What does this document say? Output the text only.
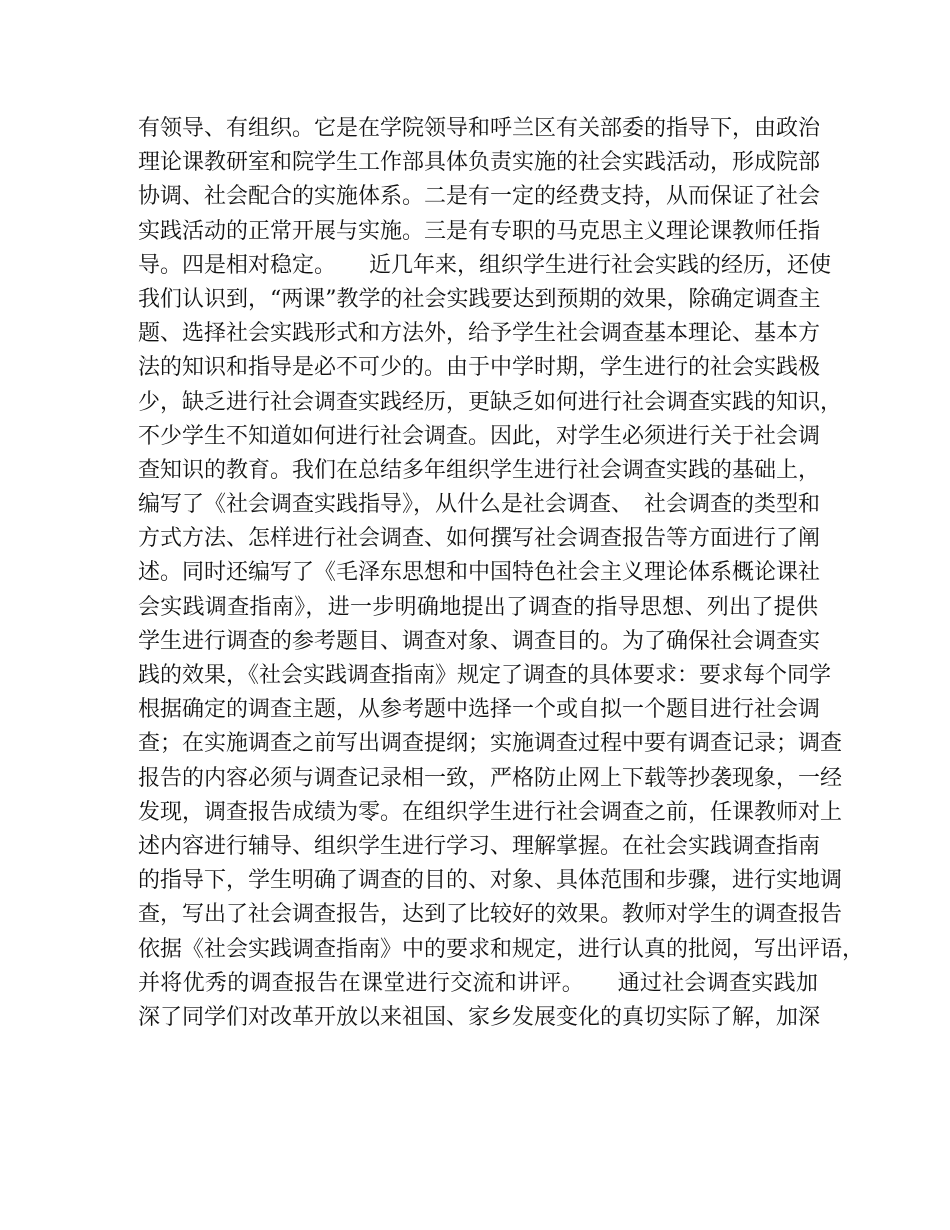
有领导、有组织。它是在学院领导和呼兰区有关部委的指导下，由政治
理论课教研室和院学生工作部具体负责实施的社会实践活动，形成院部
协调、社会配合的实施体系。二是有一定的经费支持，从而保证了社会
实践活动的正常开展与实施。三是有专职的马克思主义理论课教师任指
导。四是相对稳定。　　近几年来，组织学生进行社会实践的经历，还使
我们认识到，“两课”教学的社会实践要达到预期的效果，除确定调查主
题、选择社会实践形式和方法外，给予学生社会调查基本理论、基本方
法的知识和指导是必不可少的。由于中学时期，学生进行的社会实践极
少，缺乏进行社会调查实践经历，更缺乏如何进行社会调查实践的知识，
不少学生不知道如何进行社会调查。因此，对学生必须进行关于社会调
查知识的教育。我们在总结多年组织学生进行社会调查实践的基础上，
编写了《社会调查实践指导》，从什么是社会调查、　社会调查的类型和
方式方法、怎样进行社会调查、如何撰写社会调查报告等方面进行了阐
述。同时还编写了《毛泽东思想和中国特色社会主义理论体系概论课社
会实践调查指南》，进一步明确地提出了调查的指导思想、列出了提供
学生进行调查的参考题目、调查对象、调查目的。为了确保社会调查实
践的效果，《社会实践调查指南》规定了调查的具体要求：要求每个同学
根据确定的调查主题，从参考题中选择一个或自拟一个题目进行社会调
查；在实施调查之前写出调查提纲；实施调查过程中要有调查记录；调查
报告的内容必须与调查记录相一致，严格防止网上下载等抄袭现象，一经
发现，调查报告成绩为零。在组织学生进行社会调查之前，任课教师对上
述内容进行辅导、组织学生进行学习、理解掌握。在社会实践调查指南
的指导下，学生明确了调查的目的、对象、具体范围和步骤，进行实地调
查，写出了社会调查报告，达到了比较好的效果。教师对学生的调查报告
依据《社会实践调查指南》中的要求和规定，进行认真的批阅，写出评语，
并将优秀的调查报告在课堂进行交流和讲评。　　通过社会调查实践加
深了同学们对改革开放以来祖国、家乡发展变化的真切实际了解，加深
